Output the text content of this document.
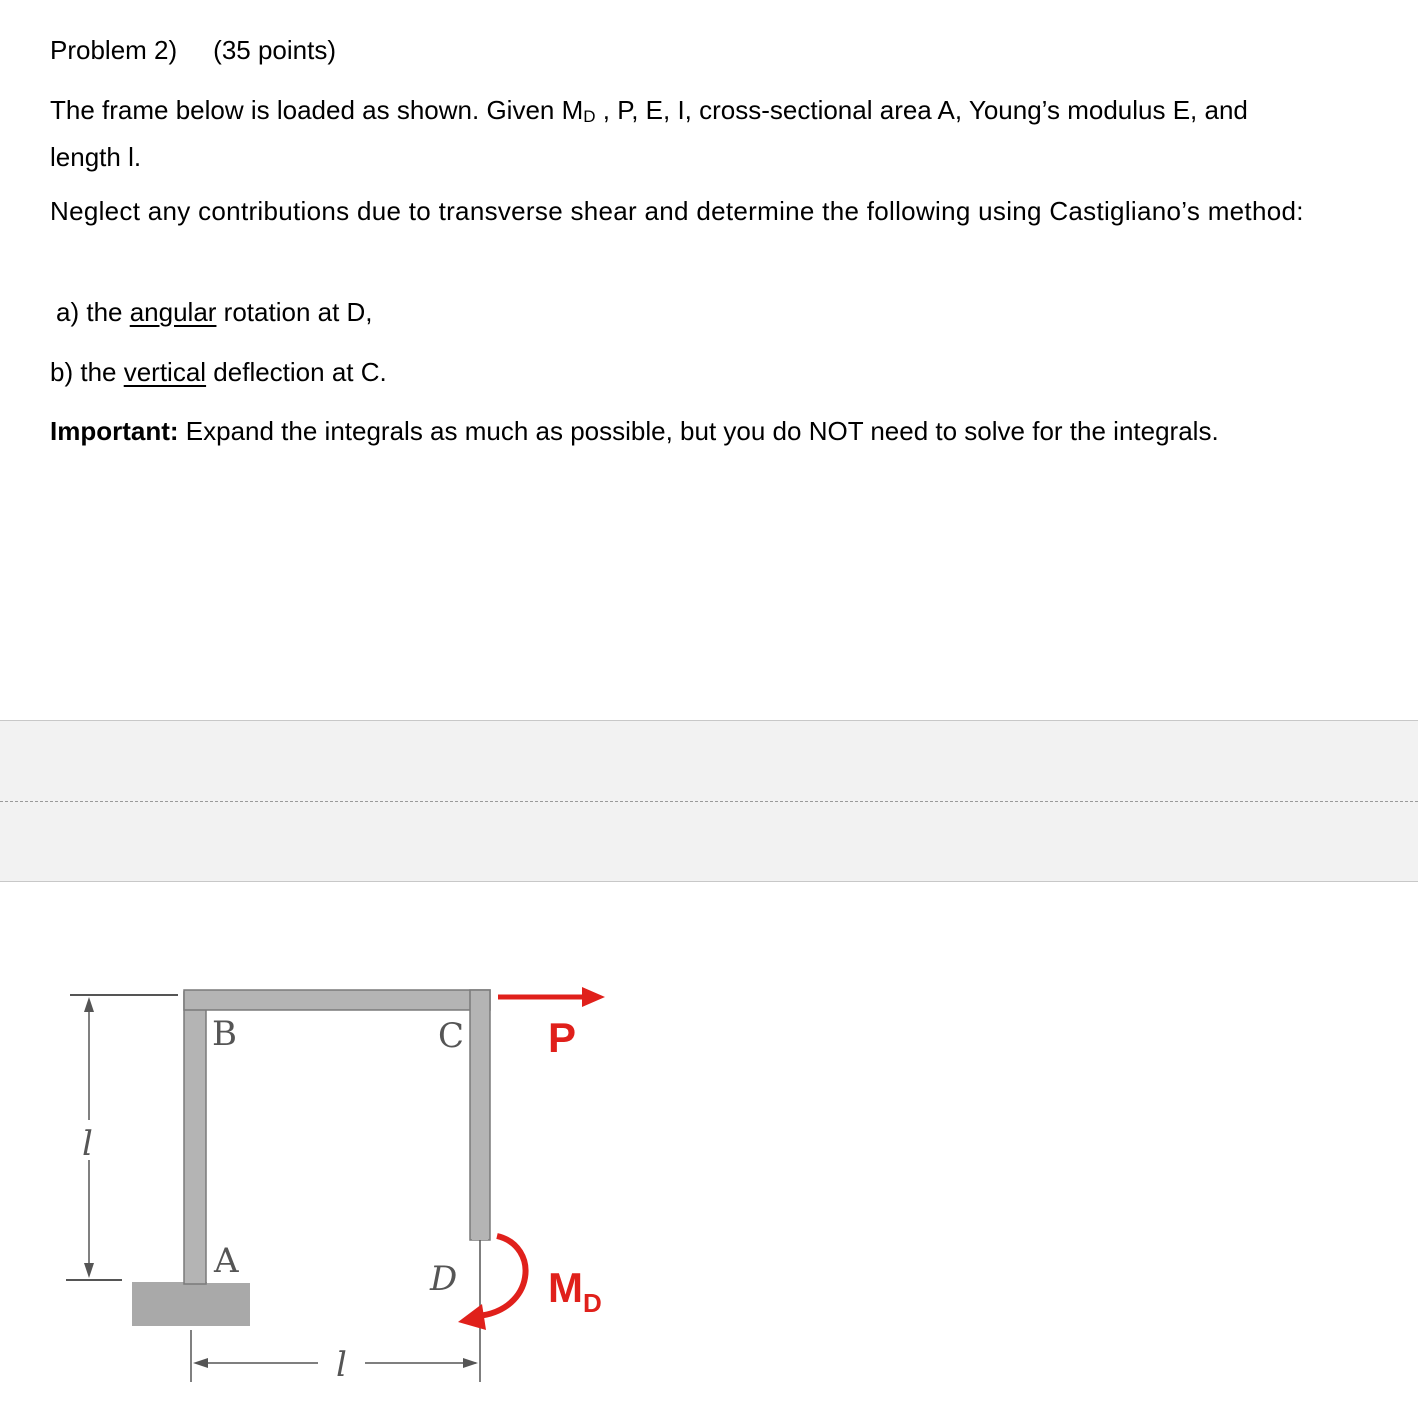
Problem 2) (35 points)
The frame below is loaded as shown. Given MD , P, E, I, cross-sectional area A, Young’s modulus E, and
length l.
Neglect any contributions due to transverse shear and determine the following using Castigliano’s method:
a) the angular rotation at D,
b) the vertical deflection at C.
Important: Expand the integrals as much as possible, but you do NOT need to solve for the integrals.
l
B	C
A	D
l
P
$M_D$
